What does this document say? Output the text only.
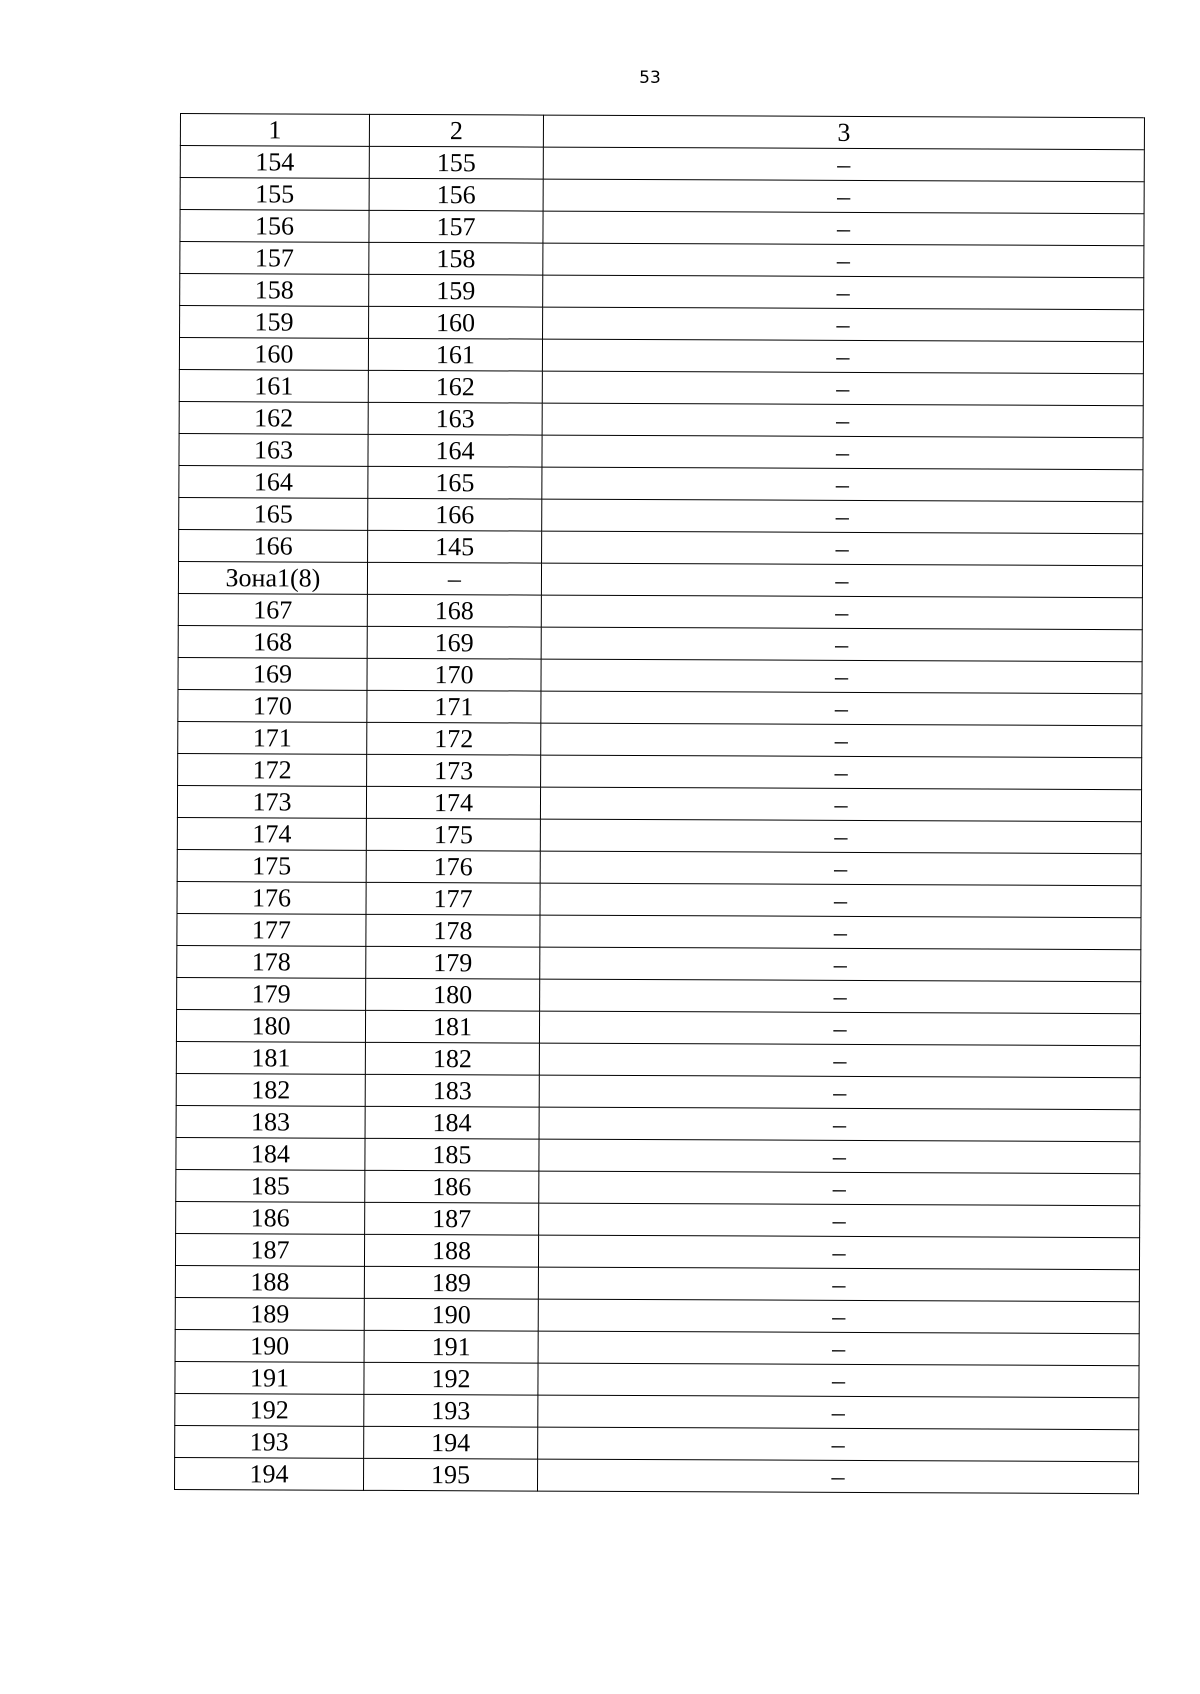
53
1	2	3
154	155	–
155	156	–
156	157	–
157	158	–
158	159	–
159	160	–
160	161	–
161	162	–
162	163	–
163	164	–
164	165	–
165	166	–
166	145	–
Зона1(8)	–	–
167	168	–
168	169	–
169	170	–
170	171	–
171	172	–
172	173	–
173	174	–
174	175	–
175	176	–
176	177	–
177	178	–
178	179	–
179	180	–
180	181	–
181	182	–
182	183	–
183	184	–
184	185	–
185	186	–
186	187	–
187	188	–
188	189	–
189	190	–
190	191	–
191	192	–
192	193	–
193	194	–
194	195	–
